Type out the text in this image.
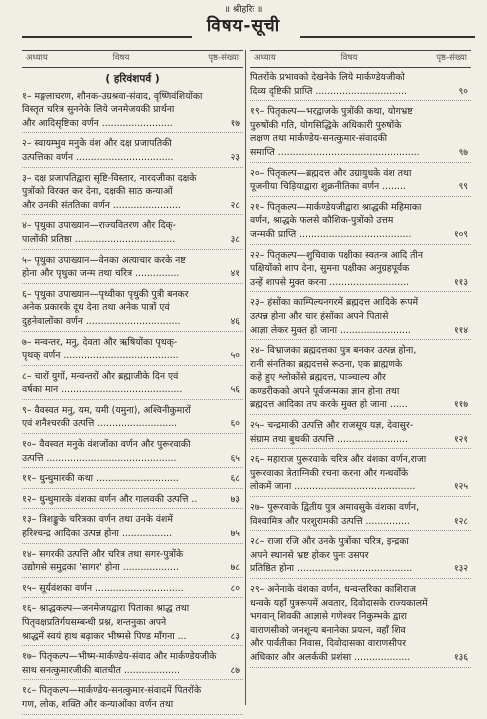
॥ श्रीहरिः ॥
विषय-सूची
अध्याय	विषय	पृष्ठ-संख्या
( हरिवंशपर्व )
१– मङ्गलाचरण, शौनक-उग्रश्रवा-संवाद, वृष्णिवंशियोंका
विस्तृत चरित्र सुननेके लिये जनमेजयकी प्रार्थना
और आदिसृष्टिका वर्णन ........................	१७
२– स्वायम्भुव मनुके वंश और दक्ष प्रजापतिकी
उत्पत्तिका वर्णन .................................	२३
३– दक्ष प्रजापतिद्वारा सृष्टि-विस्तार, नारदजीका दक्षके
पुत्रोंको विरक्त कर देना, दक्षकी साठ कन्याओं
और उनकी संततिका वर्णन .......................	२८
४– पृथुका उपाख्यान—राज्यवितरण और दिक्-
पालोंकी प्रतिष्ठा ..................................	३८
५– पृथुका उपाख्यान—वेनका अत्याचार करके नष्ट
होना और पृथुका जन्म तथा चरित्र ...............	४१
६– पृथुका उपाख्यान—पृथ्वीका पृथुकी पुत्री बनकर
अनेक प्रकारके दूध देना तथा अनेक पात्रों एवं
दुहनेवालोंका वर्णन ................................	४६
७– मन्वन्तर, मनु, देवता और ऋषियोंका पृथक्-
पृथक् वर्णन .......................................	५०
८– चारों युगों, मन्वन्तरों और ब्रह्माजीके दिन एवं
वर्षका मान .........................................	५६
९– वैवस्वत मनु, यम, यमी (यमुना), अश्विनीकुमारों
एवं शनैश्चरकी उत्पत्ति ...........................	६०
१०– वैवस्वत मनुके वंशजोंका वर्णन और पुरूरवाकी
उत्पत्ति ............................................	६५
११– धुन्धुमारकी कथा ............................	६८
१२– धुन्धुमारके वंशका वर्णन और गालवकी उत्पत्ति ..	७३
१३– त्रिशङ्कुके चरित्रका वर्णन तथा उनके वंशमें
हरिश्चन्द्र आदिका उत्पन्न होना .................	७५
१४– सगरकी उत्पत्ति और चरित्र तथा सगर-पुत्रोंके
उद्योगसे समुद्रका 'सागर' होना ...................	७८
१५– सूर्यवंशका वर्णन ..............................	८०
१६– श्राद्धकल्प—जनमेजयद्वारा पिताका श्राद्ध तथा
पितृवक्षप्रतिर्गयसम्बन्धी प्रश्न, शन्तनुका अपने
श्राद्धमें स्वयं हाथ बढ़ाकर भीष्मसे पिण्ड माँगना ...	८३
१७– पितृकल्प—भीष्म-मार्कण्डेय-संवाद और मार्कण्डेयजीके
साथ सनत्कुमारजीकी बातचीत ...................	८७
१८– पितृकल्प—मार्कण्डेय-सनत्कुमार-संवादमें पितरोंके
गण, लोक, शक्ति और कन्याओंका वर्णन तथा
अध्याय	विषय	पृष्ठ-संख्या
पितरोंके प्रभावको देखनेके लिये मार्कण्डेयजीको
दिव्य दृष्टिकी प्राप्ति ...............................	९०
१९– पितृकल्प—भरद्वाजके पुत्रोंकी कथा, योगभ्रष्ट
पुरुषोंकी गति, योगसिद्धिके अधिकारी पुरुषोंके
लक्षण तथा मार्कण्डेय-सनत्कुमार-संवादकी
समाप्ति ................................................	९७
२०– पितृकल्प—ब्रह्मदत्त और उग्रायुधके वंश तथा
पूजनीया चिड़ियाद्वारा शुक्रनीतिका वर्णन ........	९९
२१– पितृकल्प—मार्कण्डेयजीद्वारा श्राद्धकी महिमाका
वर्णन, श्राद्धके फलसे कौशिक-पुत्रोंको उत्तम
जन्मकी प्राप्ति ......................................	१०९
२२– पितृकल्प—शुचिवाक पक्षीका स्वतन्त्र आदि तीन
पक्षियोंको शाप देना, सुमना पक्षीका अनुग्रहपूर्वक
उन्हें शापसे मुक्त करना ...........................	११३
२३– हंसोंका काम्पिल्यनगरमें ब्रह्मदत्त आदिके रूपमें
उत्पन्न होना और चार हंसोंका अपने पितासे
आज्ञा लेकर मुक्त हो जाना ........................	११४
२४– विभ्राजका ब्रह्मदत्तका पुत्र बनकर उत्पन्न होना,
रानी संनतिका ब्रह्मदत्तसे रूठना, एक ब्राह्मणके
कहे हुए श्लोकोंसे ब्रह्मदत्त, पाञ्चाल्य और
कण्डरीकको अपने पूर्वजन्मका ज्ञान होना तथा
ब्रह्मदत्त आदिका तप करके मुक्त हो जाना ......	११७
२५– चन्द्रमाकी उत्पत्ति और राजसूय यज्ञ, देवासुर-
संग्राम तथा बुधकी उत्पत्ति ........................	१२१
२६– महाराज पुरूरवाके चरित्र और वंशका वर्णन,राजा
पुरूरवाका त्रेताग्निकी रचना करना और गन्धर्वोंके
लोकमें जाना .........................................	१२५
२७– पुरूरवाके द्वितीय पुत्र अमावसुके वंशका वर्णन,
विश्वामित्र और परशुरामकी उत्पत्ति ...............	१२८
२८– राजा रजि और उनके पुत्रोंका चरित्र, इन्द्रका
अपने स्थानसे भ्रष्ट होकर पुनः उसपर
प्रतिष्ठित होना .......................................	१३२
२९– अनेनाके वंशका वर्णन, धन्वन्तरिका काशिराज
धन्वके यहाँ पुत्ररूपमें अवतार, दिवोदासके राज्यकालमें
भगवान् शिवकी आज्ञासे गणेश्वर निकुम्भके द्वारा
वाराणसीको जनशून्य बनानेका प्रयत्न, वहाँ शिव
और पार्वतीका निवास, दिवोदासका वाराणसीपर
अधिकार और अलर्ककी प्रशंसा ...................	१३६
